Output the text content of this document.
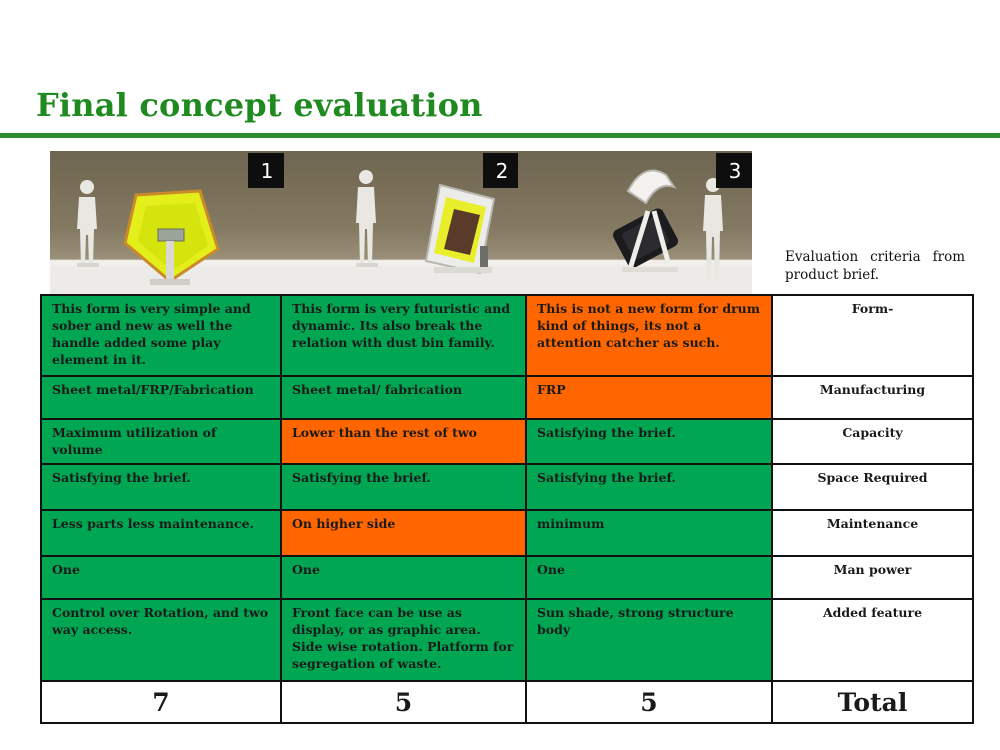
Final concept evaluation
1	2	3
Evaluation criteria from product brief.
This form is very simple and sober and new as well the handle added some play element in it.	This form is very futuristic and dynamic. Its also break the relation with dust bin family.	This is not a new form for drum kind of things, its not a attention catcher as such.	Form-
Sheet metal/FRP/Fabrication	Sheet metal/ fabrication	FRP	Manufacturing
Maximum utilization of volume	Lower than the rest of two	Satisfying the brief.	Capacity
Satisfying the brief.	Satisfying the brief.	Satisfying the brief.	Space Required
Less parts less maintenance.	On higher side	minimum	Maintenance
One	One	One	Man power
Control over Rotation, and two way access.	Front face can be use as display, or as graphic area. Side wise rotation. Platform for segregation of waste.	Sun shade, strong structure body	Added feature
7	5	5	Total
